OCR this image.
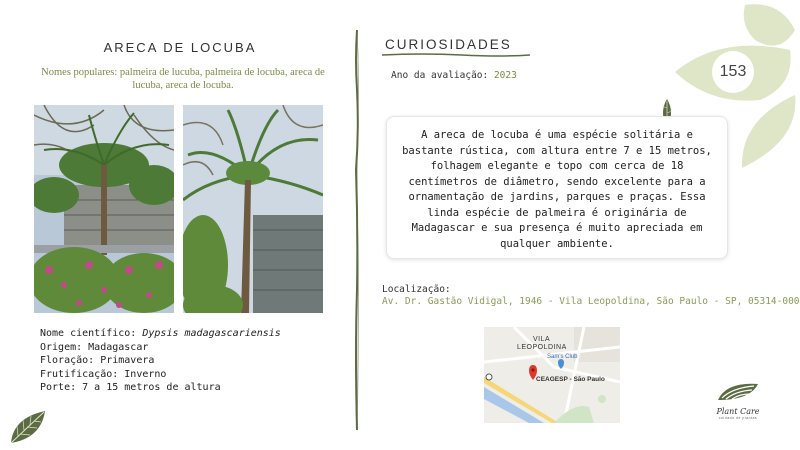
ARECA DE LOCUBA
Nomes populares: palmeira de lucuba, palmeira de locuba, areca de lucuba, areca de locuba.
Nome científico: Dypsis madagascariensis
Origem: Madagascar
Floração: Primavera
Frutificação: Inverno
Porte: 7 a 15 metros de altura
CURIOSIDADES
Ano da avaliação: 2023	153
A areca de locuba é uma espécie solitária e bastante rústica, com altura entre 7 e 15 metros, folhagem elegante e topo com cerca de 18 centímetros de diâmetro, sendo excelente para a ornamentação de jardins, parques e praças. Essa linda espécie de palmeira é originária de Madagascar e sua presença é muito apreciada em qualquer ambiente.
Localização:
Av. Dr. Gastão Vidigal, 1946 - Vila Leopoldina, São Paulo - SP, 05314-000
VILA
LEOPOLDINA
Sam's Club
CEAGESP - São Paulo
Plant Care
cuidado de plantas
